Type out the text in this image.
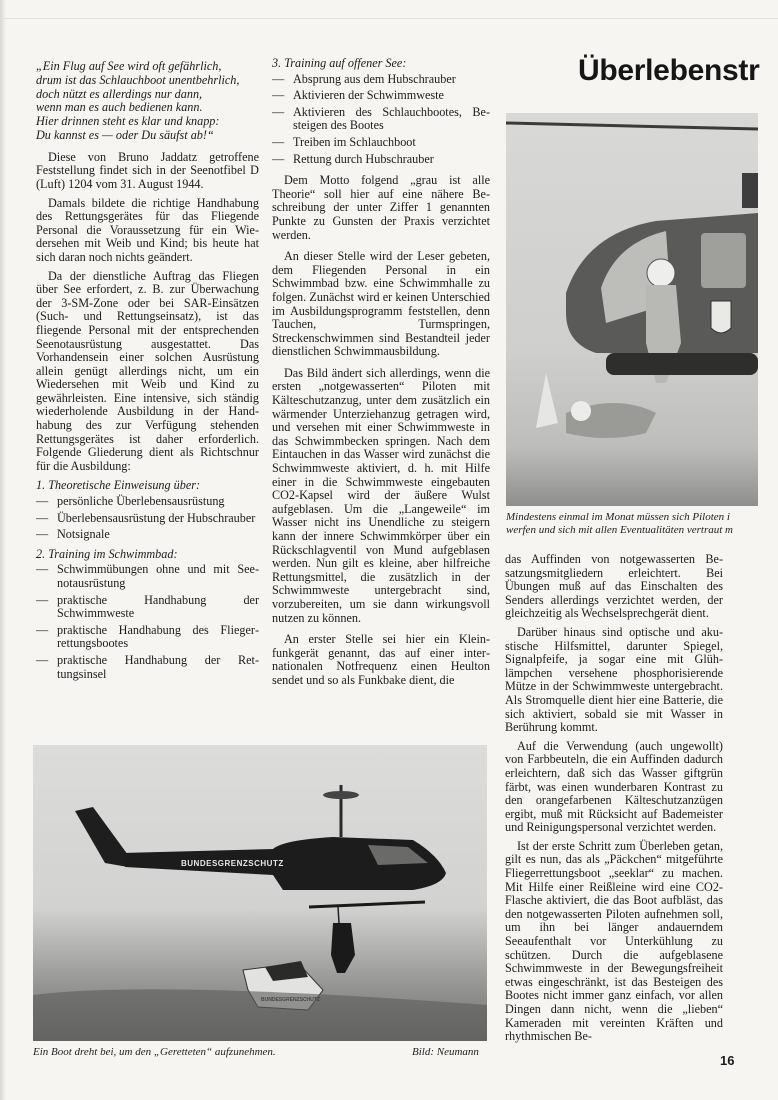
Überlebenstr
„Ein Flug auf See wird oft gefährlich,
drum ist das Schlauchboot unentbehrlich,
doch nützt es allerdings nur dann,
wenn man es auch bedienen kann.
Hier drinnen steht es klar und knapp:
Du kannst es — oder Du säufst ab!“

Diese von Bruno Jaddatz getroffene Feststellung findet sich in der Seenotfibel D (Luft) 1204 vom 31. August 1944.

Damals bildete die richtige Handhabung des Rettungsgerätes für das Fliegende Personal die Voraussetzung für ein Wiedersehen mit Weib und Kind; bis heute hat sich daran noch nichts geändert.

Da der dienstliche Auftrag das Fliegen über See erfordert, z. B. zur Überwachung der 3-SM-Zone oder bei SAR-Einsätzen (Such- und Rettungseinsatz), ist das fliegende Personal mit der entsprechenden Seenotausrüstung ausgestattet. Das Vorhandensein einer solchen Ausrüstung allein genügt allerdings nicht, um ein Wiedersehen mit Weib und Kind zu gewährleisten. Eine intensive, sich ständig wiederholende Ausbildung in der Handhabung des zur Verfügung stehenden Rettungsgerätes ist daher erforderlich. Folgende Gliederung dient als Richtschnur für die Ausbildung:

1. Theoretische Einweisung über:
— persönliche Überlebensausrüstung
— Überlebensausrüstung der Hubschrauber
— Notsignale
2. Training im Schwimmbad:
— Schwimmübungen ohne und mit Seenotausrüstung
— praktische Handhabung der Schwimmweste
— praktische Handhabung des Fliegerrettungsbootes
— praktische Handhabung der Rettungsinsel
3. Training auf offener See:
— Absprung aus dem Hubschrauber
— Aktivieren der Schwimmweste
— Aktivieren des Schlauchbootes, Besteigen des Bootes
— Treiben im Schlauchboot
— Rettung durch Hubschrauber

Dem Motto folgend „grau ist alle Theorie“ soll hier auf eine nähere Beschreibung der unter Ziffer 1 genannten Punkte zu Gunsten der Praxis verzichtet werden.

An dieser Stelle wird der Leser gebeten, dem Fliegenden Personal in ein Schwimmbad bzw. eine Schwimmhalle zu folgen. Zunächst wird er keinen Unterschied im Ausbildungsprogramm feststellen, denn Tauchen, Turmspringen, Streckenschwimmen sind Bestandteil jeder dienstlichen Schwimmausbildung.

Das Bild ändert sich allerdings, wenn die ersten „notgewasserten“ Piloten mit Kälteschutzanzug, unter dem zusätzlich ein wärmender Unterziehanzug getragen wird, und versehen mit einer Schwimmweste in das Schwimmbecken springen. Nach dem Eintauchen in das Wasser wird zunächst die Schwimmweste aktiviert, d. h. mit Hilfe einer in die Schwimmweste eingebauten CO2-Kapsel wird der äußere Wulst aufgeblasen. Um die „Langeweile“ im Wasser nicht ins Unendliche zu steigern kann der innere Schwimmkörper über ein Rückschlagventil von Mund aufgeblasen werden. Nun gilt es kleine, aber hilfreiche Rettungsmittel, die zusätzlich in der Schwimmweste untergebracht sind, vorzubereiten, um sie dann wirkungsvoll nutzen zu können.

An erster Stelle sei hier ein Kleinfunkgerät genannt, das auf einer internationalen Notfrequenz einen Heulton sendet und so als Funkbake dient, die

Mindestens einmal im Monat müssen sich Piloten i
werfen und sich mit allen Eventualitäten vertraut m

das Auffinden von notgewasserten Besatzungsmitgliedern erleichtert. Bei Übungen muß auf das Einschalten des Senders allerdings verzichtet werden, der gleichzeitig als Wechselsprechgerät dient.

Darüber hinaus sind optische und akustische Hilfsmittel, darunter Spiegel, Signalpfeife, ja sogar eine mit Glühlämpchen versehene phosphorisierende Mütze in der Schwimmweste untergebracht. Als Stromquelle dient hier eine Batterie, die sich aktiviert, sobald sie mit Wasser in Berührung kommt.

Auf die Verwendung (auch ungewollt) von Farbbeuteln, die ein Auffinden dadurch erleichtern, daß sich das Wasser giftgrün färbt, was einen wunderbaren Kontrast zu den orangefarbenen Kälteschutzanzügen ergibt, muß mit Rücksicht auf Bademeister und Reinigungspersonal verzichtet werden.

Ist der erste Schritt zum Überleben getan, gilt es nun, das als „Päckchen“ mitgeführte Fliegerrettungsboot „seeklar“ zu machen. Mit Hilfe einer Reißleine wird eine CO2-Flasche aktiviert, die das Boot aufbläst, das den notgewasserten Piloten aufnehmen soll, um ihn bei länger andauerndem Seeaufenthalt vor Unterkühlung zu schützen. Durch die aufgeblasene Schwimmweste in der Bewegungsfreiheit etwas eingeschränkt, ist das Besteigen des Bootes nicht immer ganz einfach, vor allen Dingen dann nicht, wenn die „lieben“ Kameraden mit vereinten Kräften und rhythmischen Be-

BUNDESGRENZSCHUTZ
Ein Boot dreht bei, um den „Geretteten“ aufzunehmen.	Bild: Neumann
16
